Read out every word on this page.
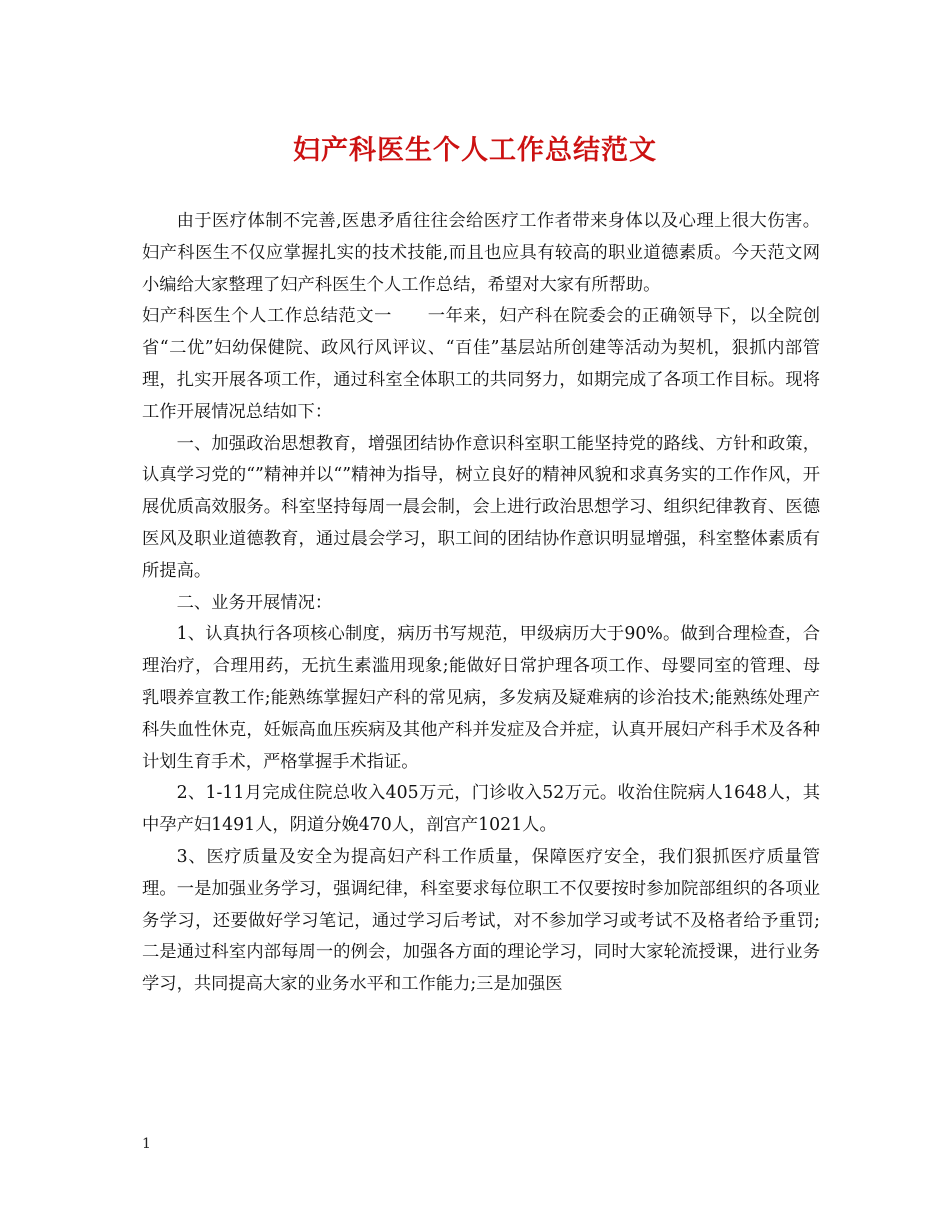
妇产科医生个人工作总结范文

由于医疗体制不完善,医患矛盾往往会给医疗工作者带来身体以及心理上很大伤害。妇产科医生不仅应掌握扎实的技术技能,而且也应具有较高的职业道德素质。今天范文网小编给大家整理了妇产科医生个人工作总结，希望对大家有所帮助。

妇产科医生个人工作总结范文一　　一年来，妇产科在院委会的正确领导下，以全院创省“二优”妇幼保健院、政风行风评议、“百佳”基层站所创建等活动为契机，狠抓内部管理，扎实开展各项工作，通过科室全体职工的共同努力，如期完成了各项工作目标。现将工作开展情况总结如下：

一、加强政治思想教育，增强团结协作意识科室职工能坚持党的路线、方针和政策，认真学习党的“”精神并以“”精神为指导，树立良好的精神风貌和求真务实的工作作风，开展优质高效服务。科室坚持每周一晨会制，会上进行政治思想学习、组织纪律教育、医德医风及职业道德教育，通过晨会学习，职工间的团结协作意识明显增强，科室整体素质有所提高。

二、业务开展情况：

1、认真执行各项核心制度，病历书写规范，甲级病历大于90%。做到合理检查，合理治疗，合理用药，无抗生素滥用现象;能做好日常护理各项工作、母婴同室的管理、母乳喂养宣教工作;能熟练掌握妇产科的常见病，多发病及疑难病的诊治技术;能熟练处理产科失血性休克，妊娠高血压疾病及其他产科并发症及合并症，认真开展妇产科手术及各种计划生育手术，严格掌握手术指证。

2、1-11月完成住院总收入405万元，门诊收入52万元。收治住院病人1648人，其中孕产妇1491人，阴道分娩470人，剖宫产1021人。

3、医疗质量及安全为提高妇产科工作质量，保障医疗安全，我们狠抓医疗质量管理。一是加强业务学习，强调纪律，科室要求每位职工不仅要按时参加院部组织的各项业务学习，还要做好学习笔记，通过学习后考试，对不参加学习或考试不及格者给予重罚;二是通过科室内部每周一的例会，加强各方面的理论学习，同时大家轮流授课，进行业务学习，共同提高大家的业务水平和工作能力;三是加强医

1
